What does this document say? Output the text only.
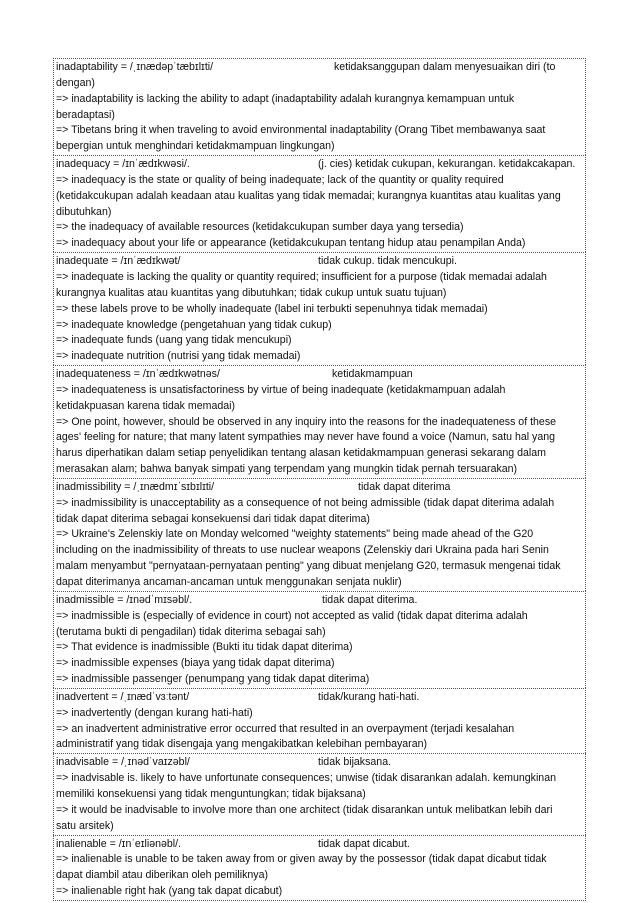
inadaptability = /ˌɪnædəpˈtæbɪlɪti/	ketidaksanggupan dalam menyesuaikan diri (to
dengan)
=> inadaptability is lacking the ability to adapt (inadaptability adalah kurangnya kemampuan untuk
beradaptasi)
=> Tibetans bring it when traveling to avoid environmental inadaptability (Orang Tibet membawanya saat
bepergian untuk menghindari ketidakmampuan lingkungan)
inadequacy = /ɪnˈædɪkwəsi/.	(j. cies) ketidak cukupan, kekurangan. ketidakcakapan.
=> inadequacy is the state or quality of being inadequate; lack of the quantity or quality required
(ketidakcukupan adalah keadaan atau kualitas yang tidak memadai; kurangnya kuantitas atau kualitas yang
dibutuhkan)
=> the inadequacy of available resources (ketidakcukupan sumber daya yang tersedia)
=> inadequacy about your life or appearance (ketidakcukupan tentang hidup atau penampilan Anda)
inadequate = /ɪnˈædɪkwət/	tidak cukup. tidak mencukupi.
=> inadequate is lacking the quality or quantity required; insufficient for a purpose (tidak memadai adalah
kurangnya kualitas atau kuantitas yang dibutuhkan; tidak cukup untuk suatu tujuan)
=> these labels prove to be wholly inadequate (label ini terbukti sepenuhnya tidak memadai)
=> inadequate knowledge (pengetahuan yang tidak cukup)
=> inadequate funds (uang yang tidak mencukupi)
=> inadequate nutrition (nutrisi yang tidak memadai)
inadequateness = /ɪnˈædɪkwətnəs/	ketidakmampuan
=> inadequateness is unsatisfactoriness by virtue of being inadequate (ketidakmampuan adalah
ketidakpuasan karena tidak memadai)
=> One point, however, should be observed in any inquiry into the reasons for the inadequateness of these
ages' feeling for nature; that many latent sympathies may never have found a voice (Namun, satu hal yang
harus diperhatikan dalam setiap penyelidikan tentang alasan ketidakmampuan generasi sekarang dalam
merasakan alam; bahwa banyak simpati yang terpendam yang mungkin tidak pernah tersuarakan)
inadmissibility = /ˌɪnædmɪˈsɪbɪlɪti/	tidak dapat diterima
=> inadmissibility is unacceptability as a consequence of not being admissible (tidak dapat diterima adalah
tidak dapat diterima sebagai konsekuensi dari tidak dapat diterima)
=> Ukraine's Zelenskiy late on Monday welcomed "weighty statements" being made ahead of the G20
including on the inadmissibility of threats to use nuclear weapons (Zelenskiy dari Ukraina pada hari Senin
malam menyambut "pernyataan-pernyataan penting" yang dibuat menjelang G20, termasuk mengenai tidak
dapat diterimanya ancaman-ancaman untuk menggunakan senjata nuklir)
inadmissible = /ɪnədˈmɪsəbl/.	tidak dapat diterima.
=> inadmissible is (especially of evidence in court) not accepted as valid (tidak dapat diterima adalah
(terutama bukti di pengadilan) tidak diterima sebagai sah)
=> That evidence is inadmissible (Bukti itu tidak dapat diterima)
=> inadmissible expenses (biaya yang tidak dapat diterima)
=> inadmissible passenger (penumpang yang tidak dapat diterima)
inadvertent = /ˌɪnædˈvɜːtənt/	tidak/kurang hati-hati.
=> inadvertently (dengan kurang hati-hati)
=> an inadvertent administrative error occurred that resulted in an overpayment (terjadi kesalahan
administratif yang tidak disengaja yang mengakibatkan kelebihan pembayaran)
inadvisable = /ˌɪnədˈvaɪzəbl/	tidak bijaksana.
=> inadvisable is. likely to have unfortunate consequences; unwise (tidak disarankan adalah. kemungkinan
memiliki konsekuensi yang tidak menguntungkan; tidak bijaksana)
=> it would be inadvisable to involve more than one architect (tidak disarankan untuk melibatkan lebih dari
satu arsitek)
inalienable = /ɪnˈeɪliənəbl/.	tidak dapat dicabut.
=> inalienable is unable to be taken away from or given away by the possessor (tidak dapat dicabut tidak
dapat diambil atau diberikan oleh pemiliknya)
=> inalienable right hak (yang tak dapat dicabut)
